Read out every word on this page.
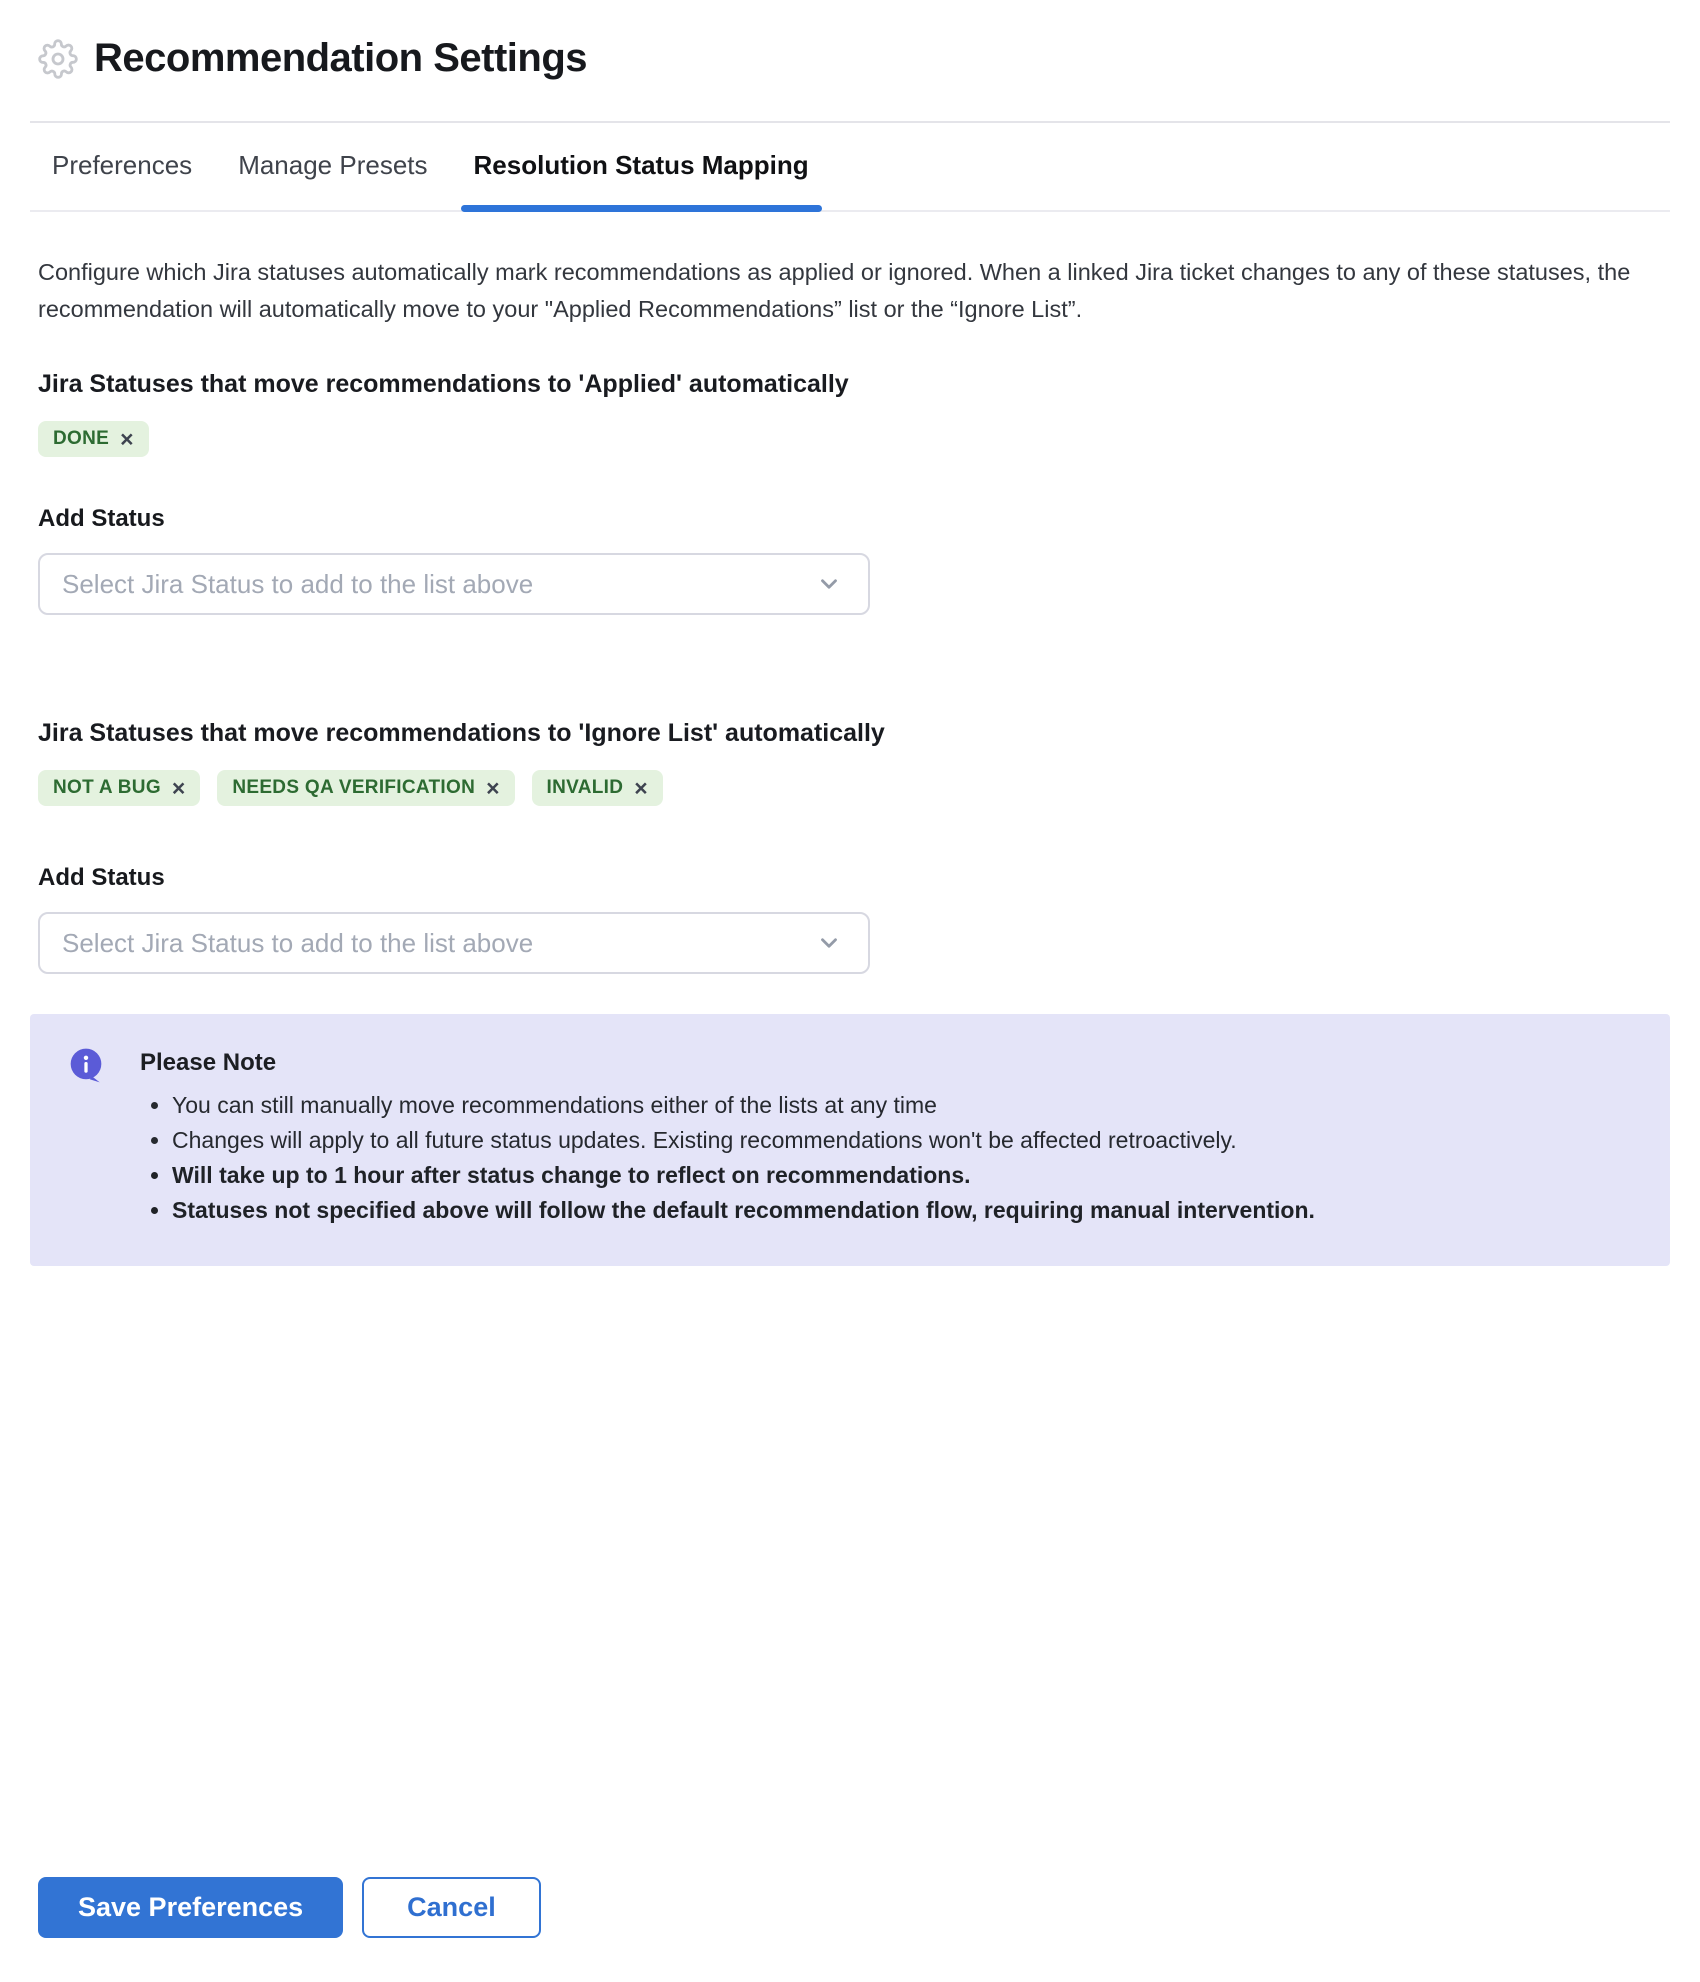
Recommendation Settings
Preferences Manage Presets Resolution Status Mapping

Configure which Jira statuses automatically mark recommendations as applied or ignored. When a linked Jira ticket changes to any of these statuses, the recommendation will automatically move to your "Applied Recommendations” list or the “Ignore List”.

Jira Statuses that move recommendations to 'Applied' automatically
DONE ×
Add Status
Select Jira Status to add to the list above
Jira Statuses that move recommendations to 'Ignore List' automatically
NOT A BUG × NEEDS QA VERIFICATION × INVALID ×
Add Status
Select Jira Status to add to the list above
Please Note
• You can still manually move recommendations either of the lists at any time
• Changes will apply to all future status updates. Existing recommendations won't be affected retroactively.
• Will take up to 1 hour after status change to reflect on recommendations.
• Statuses not specified above will follow the default recommendation flow, requiring manual intervention.
Save Preferences	Cancel
